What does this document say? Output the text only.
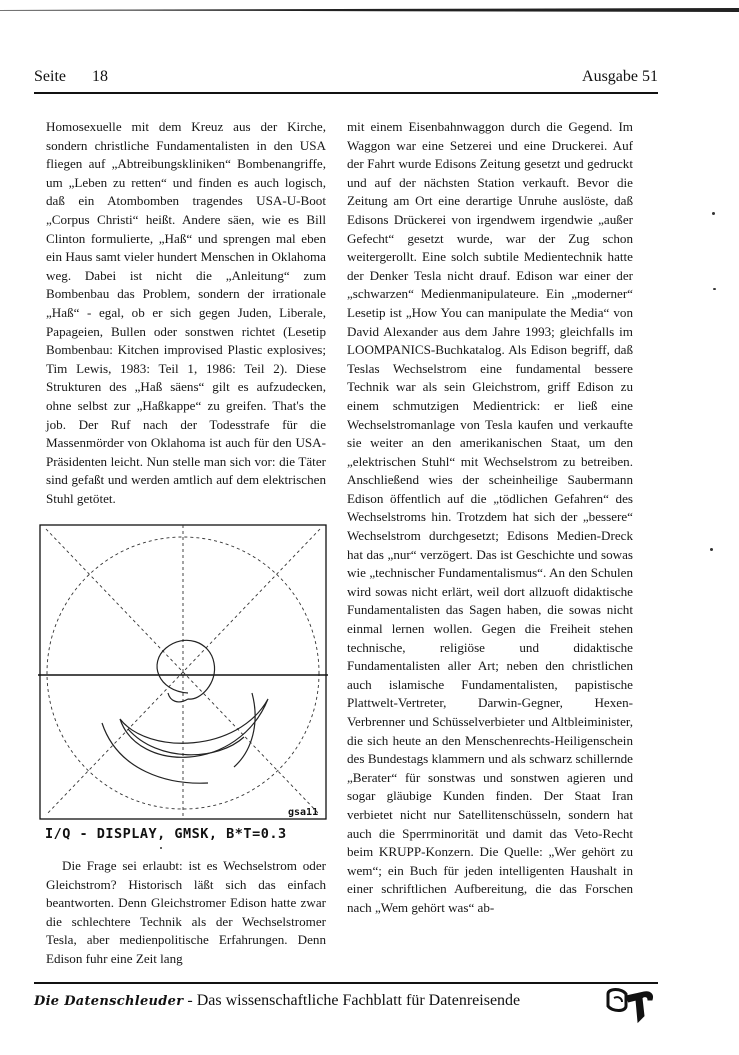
Seite 18	Ausgabe 51

Homosexuelle mit dem Kreuz aus der Kirche, sondern christliche Fundamentalisten in den USA fliegen auf „Abtreibungskliniken“ Bombenangriffe, um „Leben zu retten“ und finden es auch logisch, daß ein Atombomben tragendes USA-U-Boot „Corpus Christi“ heißt. Andere säen, wie es Bill Clinton formulierte, „Haß“ und sprengen mal eben ein Haus samt vieler hundert Menschen in Oklahoma weg. Dabei ist nicht die „Anleitung“ zum Bombenbau das Problem, sondern der irrationale „Haß“ - egal, ob er sich gegen Juden, Liberale, Papageien, Bullen oder sonstwen richtet (Lesetip Bombenbau: Kitchen improvised Plastic explosives; Tim Lewis, 1983: Teil 1, 1986: Teil 2). Diese Strukturen des „Haß säens“ gilt es aufzudecken, ohne selbst zur „Haßkappe“ zu greifen. That's the job. Der Ruf nach der Todesstrafe für die Massenmörder von Oklahoma ist auch für den USA-Präsidenten leicht. Nun stelle man sich vor: die Täter sind gefaßt und werden amtlich auf dem elektrischen Stuhl getötet.

gsa11
I/Q - DISPLAY, GMSK, B*T=0.3

Die Frage sei erlaubt: ist es Wechselstrom oder Gleichstrom? Historisch läßt sich das einfach beantworten. Denn Gleichstromer Edison hatte zwar die schlechtere Technik als der Wechselstromer Tesla, aber medienpolitische Erfahrungen. Denn Edison fuhr eine Zeit lang

mit einem Eisenbahnwaggon durch die Gegend. Im Waggon war eine Setzerei und eine Druckerei. Auf der Fahrt wurde Edisons Zeitung gesetzt und gedruckt und auf der nächsten Station verkauft. Bevor die Zeitung am Ort eine derartige Unruhe auslöste, daß Edisons Drückerei von irgendwem irgendwie „außer Gefecht“ gesetzt wurde, war der Zug schon weitergerollt. Eine solch subtile Medientechnik hatte der Denker Tesla nicht drauf. Edison war einer der „schwarzen“ Medienmanipulateure. Ein „moderner“ Lesetip ist „How You can manipulate the Media“ von David Alexander aus dem Jahre 1993; gleichfalls im LOOMPANICS-Buchkatalog. Als Edison begriff, daß Teslas Wechselstrom eine fundamental bessere Technik war als sein Gleichstrom, griff Edison zu einem schmutzigen Medientrick: er ließ eine Wechselstromanlage von Tesla kaufen und verkaufte sie weiter an den amerikanischen Staat, um den „elektrischen Stuhl“ mit Wechselstrom zu betreiben. Anschließend wies der scheinheilige Saubermann Edison öffentlich auf die „tödlichen Gefahren“ des Wechselstroms hin. Trotzdem hat sich der „bessere“ Wechselstrom durchgesetzt; Edisons Medien-Dreck hat das „nur“ verzögert. Das ist Geschichte und sowas wie „technischer Fundamentalismus“. An den Schulen wird sowas nicht erlärt, weil dort allzuoft didaktische Fundamentalisten das Sagen haben, die sowas nicht einmal lernen wollen. Gegen die Freiheit stehen technische, religiöse und didaktische Fundamentalisten aller Art; neben den christlichen auch islamische Fundamentalisten, papistische Plattwelt-Vertreter, Darwin-Gegner, Hexen-Verbrenner und Schüsselverbieter und Altbleiminister, die sich heute an den Menschenrechts-Heiligenschein des Bundestags klammern und als schwarz schillernde „Berater“ für sonstwas und sonstwen agieren und sogar gläubige Kunden finden. Der Staat Iran verbietet nicht nur Satellitenschüsseln, sondern hat auch die Sperrminorität und damit das Veto-Recht beim KRUPP-Konzern. Die Quelle: „Wer gehört zu wem“; ein Buch für jeden intelligenten Haushalt in einer schriftlichen Aufbereitung, die das Forschen nach „Wem gehört was“ ab-

Die Datenschleuder - Das wissenschaftliche Fachblatt für Datenreisende
